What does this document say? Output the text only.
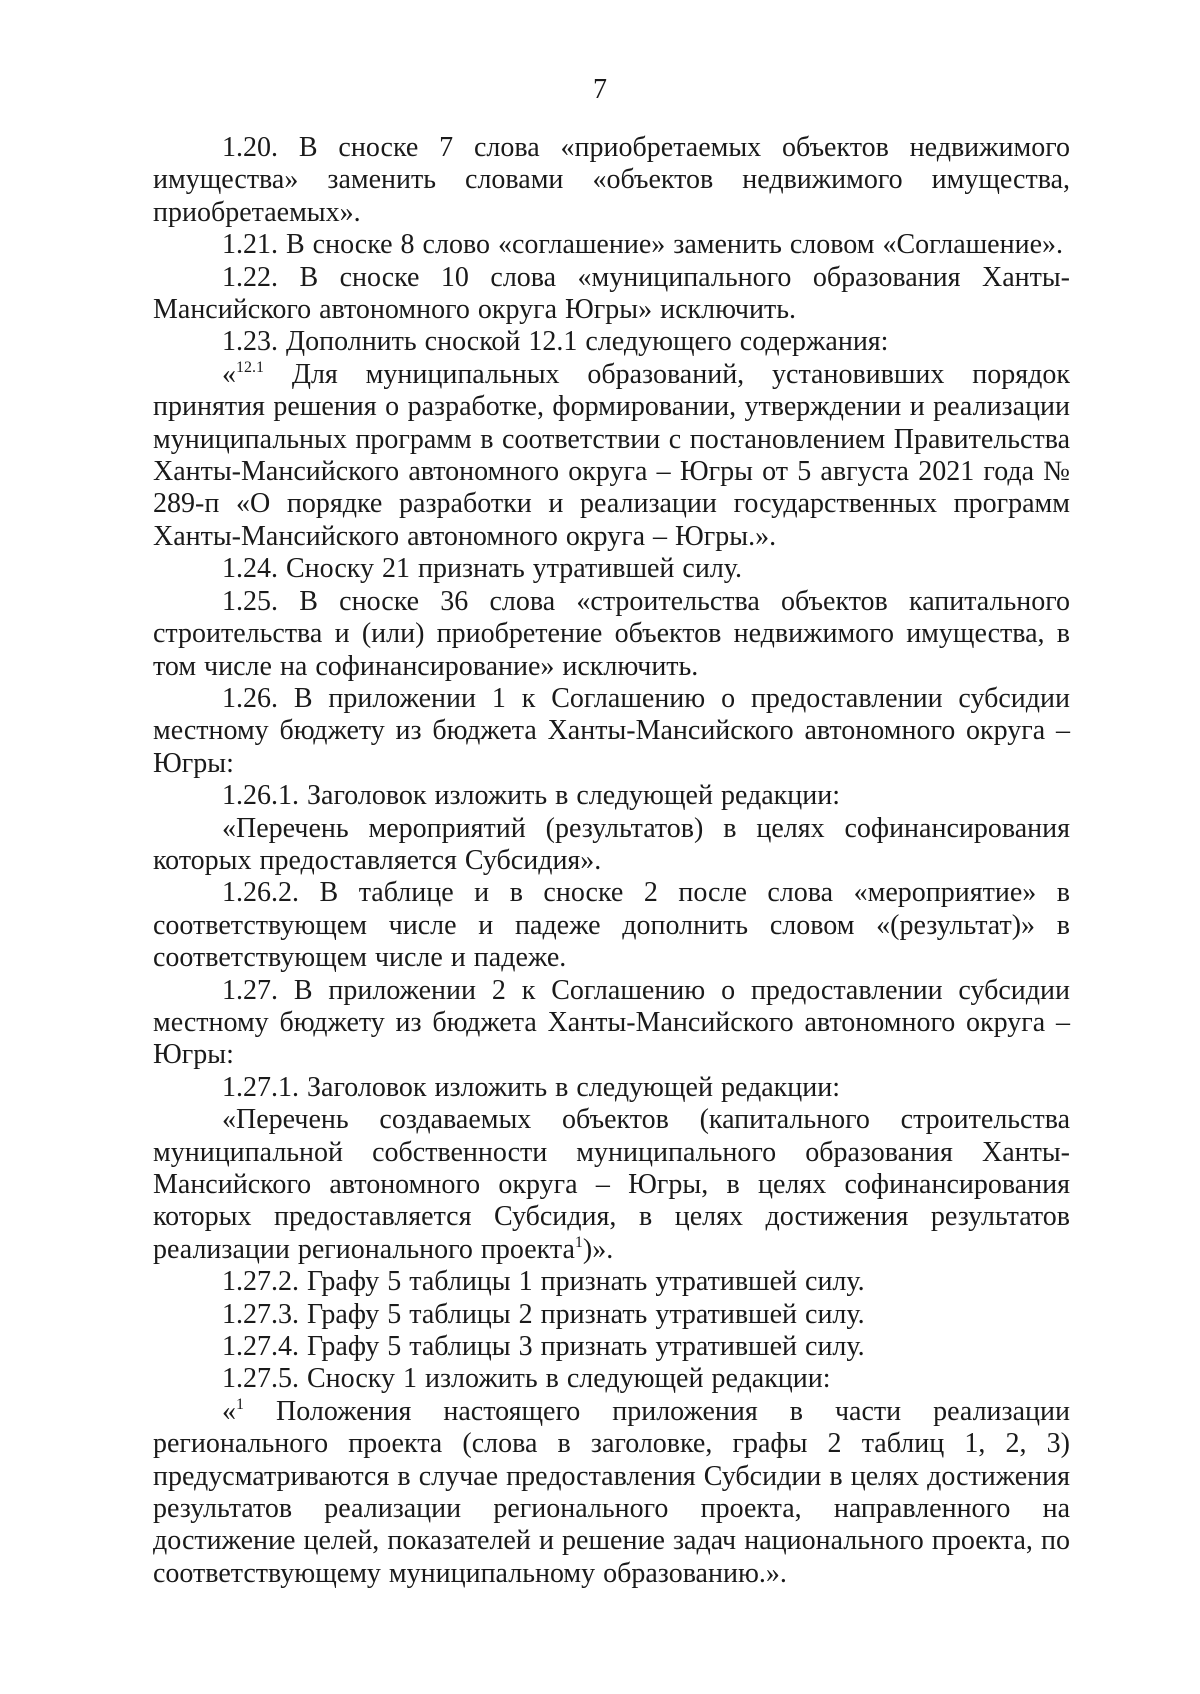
7

1.20. В сноске 7 слова «приобретаемых объектов недвижимого имущества» заменить словами «объектов недвижимого имущества, приобретаемых».

1.21. В сноске 8 слово «соглашение» заменить словом «Соглашение».

1.22. В сноске 10 слова «муниципального образования Ханты-Мансийского автономного округа Югры» исключить.

1.23. Дополнить сноской 12.1 следующего содержания:

«$^{12.1}$ Для муниципальных образований, установивших порядок принятия решения о разработке, формировании, утверждении и реализации муниципальных программ в соответствии с постановлением Правительства Ханты-Мансийского автономного округа – Югры от 5 августа 2021 года № 289-п «О порядке разработки и реализации государственных программ Ханты-Мансийского автономного округа – Югры.».

1.24. Сноску 21 признать утратившей силу.

1.25. В сноске 36 слова «строительства объектов капитального строительства и (или) приобретение объектов недвижимого имущества, в том числе на софинансирование» исключить.

1.26. В приложении 1 к Соглашению о предоставлении субсидии местному бюджету из бюджета Ханты-Мансийского автономного округа – Югры:

1.26.1. Заголовок изложить в следующей редакции:

«Перечень мероприятий (результатов) в целях софинансирования которых предоставляется Субсидия».

1.26.2. В таблице и в сноске 2 после слова «мероприятие» в соответствующем числе и падеже дополнить словом «(результат)» в соответствующем числе и падеже.

1.27. В приложении 2 к Соглашению о предоставлении субсидии местному бюджету из бюджета Ханты-Мансийского автономного округа – Югры:

1.27.1. Заголовок изложить в следующей редакции:

«Перечень создаваемых объектов (капитального строительства муниципальной собственности муниципального образования Ханты-Мансийского автономного округа – Югры, в целях софинансирования которых предоставляется Субсидия, в целях достижения результатов реализации регионального проекта$^1$)».

1.27.2. Графу 5 таблицы 1 признать утратившей силу.

1.27.3. Графу 5 таблицы 2 признать утратившей силу.

1.27.4. Графу 5 таблицы 3 признать утратившей силу.

1.27.5. Сноску 1 изложить в следующей редакции:

«$^1$ Положения настоящего приложения в части реализации регионального проекта (слова в заголовке, графы 2 таблиц 1, 2, 3) предусматриваются в случае предоставления Субсидии в целях достижения результатов реализации регионального проекта, направленного на достижение целей, показателей и решение задач национального проекта, по соответствующему муниципальному образованию.».
